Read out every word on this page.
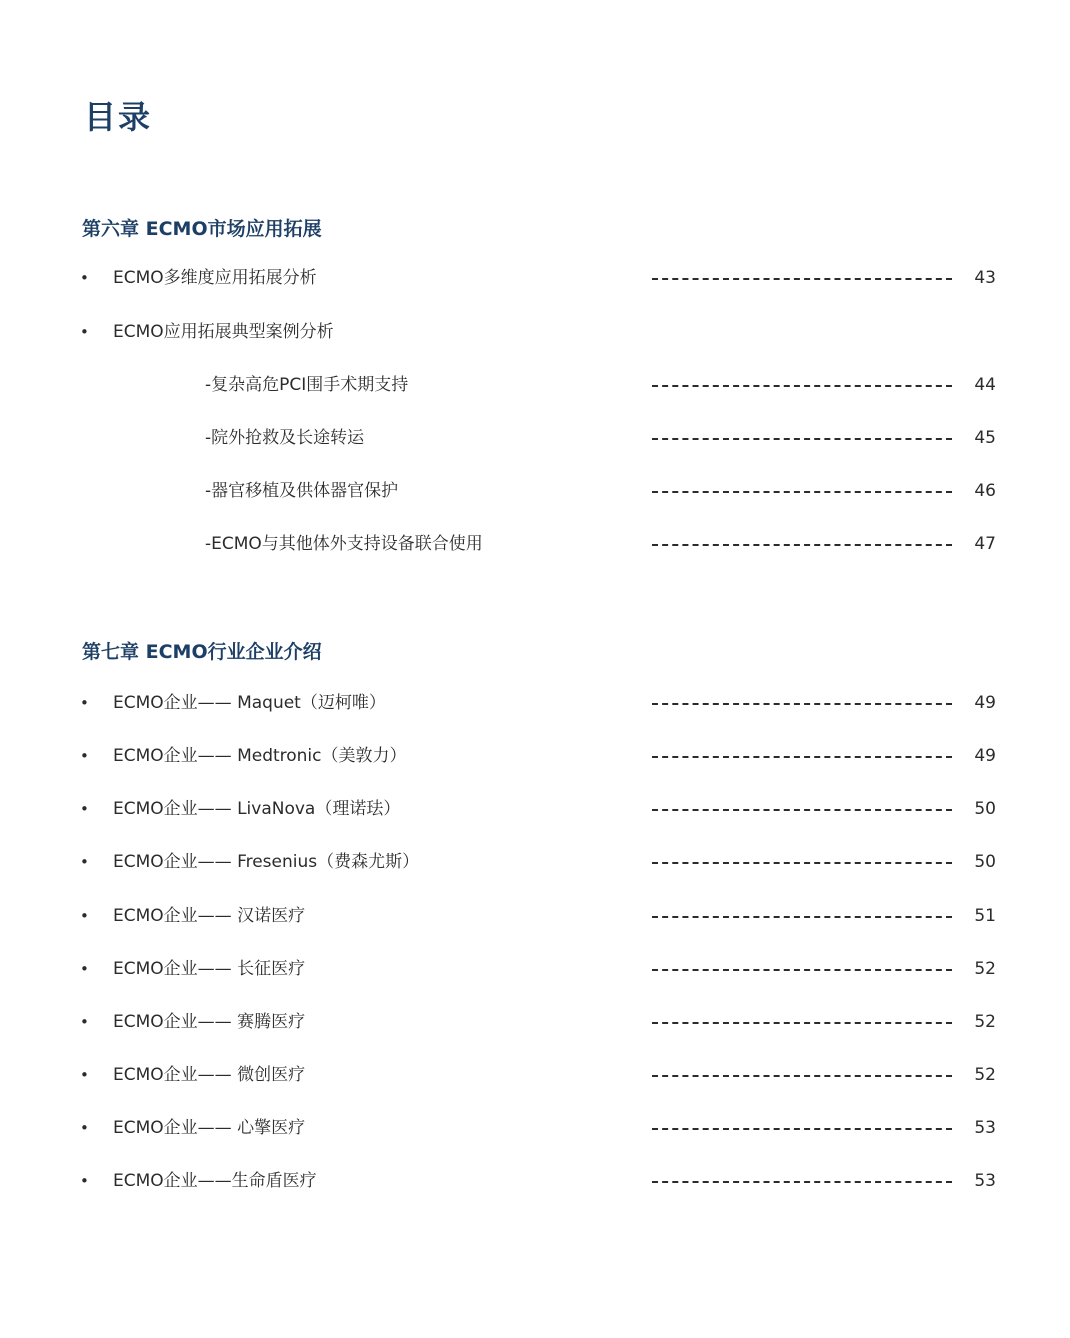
目录
第六章 ECMO市场应用拓展
• ECMO多维度应用拓展分析	43
• ECMO应用拓展典型案例分析
-复杂高危PCI围手术期支持	44
-院外抢救及长途转运	45
-器官移植及供体器官保护	46
-ECMO与其他体外支持设备联合使用	47
第七章 ECMO行业企业介绍
• ECMO企业—— Maquet（迈柯唯）	49
• ECMO企业—— Medtronic（美敦力）	49
• ECMO企业—— LivaNova（理诺珐）	50
• ECMO企业—— Fresenius（费森尤斯）	50
• ECMO企业—— 汉诺医疗	51
• ECMO企业—— 长征医疗	52
• ECMO企业—— 赛腾医疗	52
• ECMO企业—— 微创医疗	52
• ECMO企业—— 心擎医疗	53
• ECMO企业——生命盾医疗	53
